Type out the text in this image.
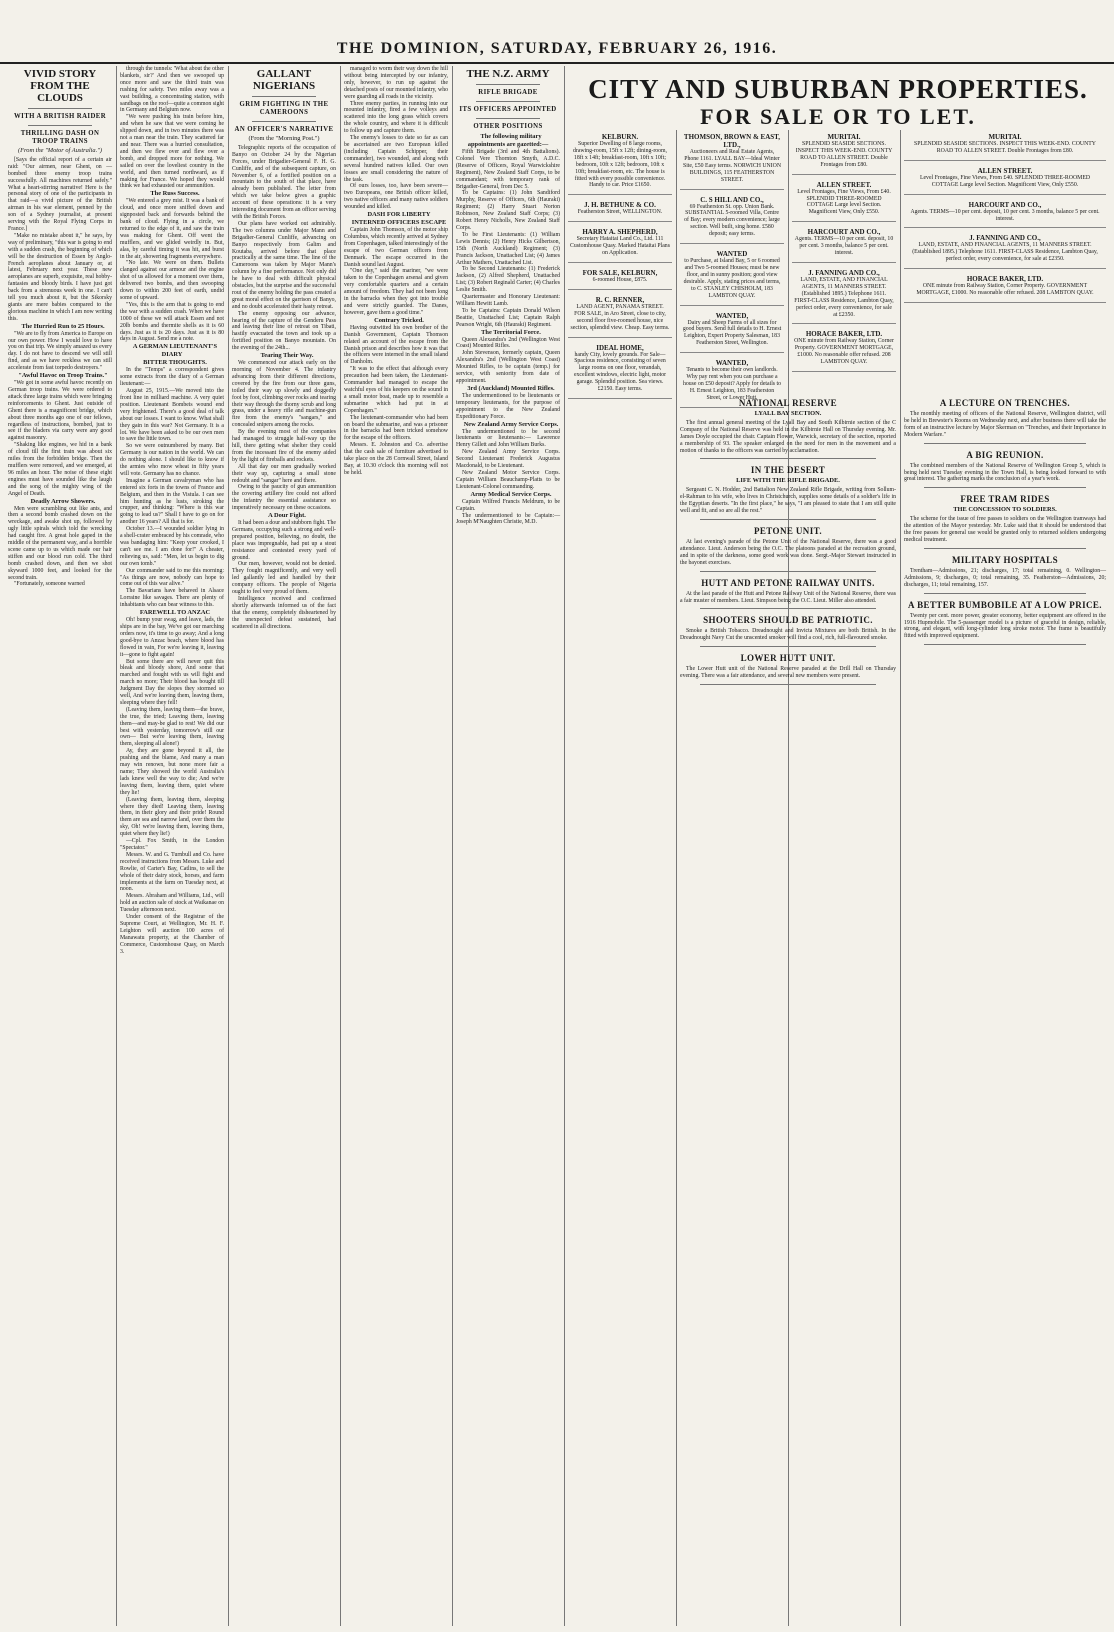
THE DOMINION, SATURDAY, FEBRUARY 26, 1916.
VIVID STORY FROM THE CLOUDS
WITH A BRITISH RAIDER
THRILLING DASH ON TROOP TRAINS
(From the "Motor of Australia.")

[Says the official report of a certain air raid: "Our airmen, near Ghent, on — bombed three enemy troop trains successfully. All machines returned safely." What a heart-stirring narrative! Here is the personal story of one of the participants in that raid—a vivid picture of the British airman in his war element, penned by the son of a Sydney journalist, at present serving with the Royal Flying Corps in France.]

"Make no mistake about it," he says, by way of preliminary, "this war is going to end with a sudden crash, the beginning of which will be the destruction of Essen by Anglo-French aeroplanes about January or, at latest, February next year. These new aeroplanes are superb, exquisite, real hobby-fantasies and bloody birds. I have just got back from a strenuous week in one. I can't tell you much about it, but the Sikorsky giants are mere babies compared to the glorious machine in which I am now writing this.

The Hurried Run to 25 Hours.

"We are to fly from America to Europe on our own power. How I would love to have you on that trip. We simply amazed us every day. I do not have to descend we will still find, and as we have reckless we can still accelerate from fast torpedo destroyers."

"Awful Havoc on Troop Trains."

"We got in some awful havoc recently on German troop trains. We were ordered to attack three large trains which were bringing reinforcements to Ghent. Just outside of Ghent there is a magnificent bridge, which about three months ago one of our fellows, regardless of instructions, bombed, just to see if the bladers via carry were any good against masonry.

"Shaking like engines, we hid in a bank of cloud till the first train was about six miles from the forbidden bridge. Then the mufflers were removed, and we emerged, at 96 miles an hour. The noise of these eight engines must have sounded like the laugh and the song of the mighty wing of the Angel of Death.

Deadly Arrow Showers.

Men were scrambling out like ants, and then a second bomb crashed down on the wreckage, and awake shot up, followed by ugly little spirals which told the wrecking had caught fire. A great hole gaped in the middle of the permanent way, and a horrible scene came up to us which made our hair stiffen and our blood run cold. The third bomb crashed down, and then we shot skyward 1000 feet, and looked for the second train.

"Fortunately, someone warned

through the tunnels: 'What about the other blankets, sir?' And then we swooped up once more and saw the third train was rushing for safety. Two miles away was a vast building, a concentrating station, with sandbags on the roof—quite a common sight in Germany and Belgium now.

"We were pushing his train before him, and when he saw that we were coming he slipped down, and in two minutes there was not a man near the train. They scattered far and near. There was a hurried consultation, and then we flew over and flew over a bomb, and dropped more for nothing. We sailed on over the loveliest country in the world, and then turned northward, as if making for France. We hoped they would think we had exhausted our ammunition.

The Russ Success.

"We entered a grey mist. It was a bank of cloud, and once more sniffed down and signposted back and forwards behind the bank of cloud. Flying in a circle, we returned to the edge of it, and saw the train was making for Ghent. Off went the mufflers, and we glided weirdly in. But, alas, by careful timing it was hit, and burst in the air, showering fragments everywhere.

"No late. We were on them. Bullets clanged against our armour and the engine shot of us allowed for a moment over them, delivered two bombs, and then swooping down to within 200 feet of earth, undid some of upward.

"Yes, this is the arm that is going to end the war with a sudden crash. When we have 1000 of these we will attack Essen and not 20lb bombs and thermite shells as it is 60 days. Just as it is 20 days. Just as it is 80 days in August. Send me a note.

A GERMAN LIEUTENANT'S DIARY

BITTER THOUGHTS.

In the "Temps" a correspondent gives some extracts from the diary of a German lieutenant:—

August 25, 1915.—We moved into the front line in milliard machine. A very quiet position. Lieutenant Bombeis wound end very frightened. There's a good deal of talk about our losses. I want to know. What shall they gain in this war? Not Germany. It is a lot. We have been asked to be our own men to save the little town.

So we were outnumbered by many. But Germany is our nation in the world. We can do nothing alone. I should like to know if the armies who mow wheat in fifty years will vote. Germany has no chance.

Imagine a German cavalryman who has entered six forts in the towns of France and Belgium, and then in the Vistula. I can see him hunting as he lusts, stroking the crupper, and thinking: "Where is this war going to lead us?" Shall I have to go on for another 16 years? All that is for.

October 13.—I wounded soldier lying in a shell-crater embraced by his comrade, who was bandaging him: "Keep your crooked, I can't see me. I am done for!" A cheater, relieving us, said: "Men, let us begin to dig our own tomb."

Our commander said to me this morning: "As things are now, nobody can hope to come out of this war alive."

The Bavarians have behaved in Alsace Lorraine like savages. There are plenty of inhabitants who can bear witness to this.

FAREWELL TO ANZAC

Oh! bump your swag, and leave, lads, the ships are in the bay, We've got our marching orders now, it's time to go away; And a long good-bye to Anzac beach, where blood has flowed in vain, For we're leaving it, leaving it—gone to fight again!

But some there are will never quit this bleak and bloody shore, And some that marched and fought with us will fight and march no more; Their blood has bought till Judgment Day the slopes they stormed so well, And we're leaving them, leaving them, sleeping where they fell!

(Leaving them, leaving them—the brave, the true, the tried; Leaving them, leaving them—and may-be glad to rest! We did our best with yesterday, tomorrow's still our own— But we're leaving them, leaving them, sleeping all alone!)

Ay, they are gone beyond it all, the pushing and the blame, And many a man may win renown, but none more fair a name; They showed the world Australia's lads knew well the way to die; And we're leaving them, leaving them, quiet where they lie!

(Leaving them, leaving them, sleeping where they died! Leaving them, leaving them, in their glory and their pride! Round them are sea and narrow land, over them the sky, Oh! we're leaving them, leaving them, quiet where they lie!)

—Cpl. Fox Smith, in the London "Spectator."

Messrs. W. and G. Turnbull and Co. have received instructions from Messrs. Luke and Rowlie, of Carter's Bay, Catlins, to sell the whole of their dairy stock, horses, and farm implements at the farm on Tuesday next, at noon.

Messrs. Abraham and Williams, Ltd., will hold an auction sale of stock at Waikanae on Tuesday afternoon next.

Under consent of the Registrar of the Supreme Court, at Wellington, Mr. H. F. Leighton will auction 100 acres of Manawatu property, at the Chamber of Commerce, Customhouse Quay, on March 3.

GALLANT NIGERIANS
GRIM FIGHTING IN THE CAMEROONS
AN OFFICER'S NARRATIVE
(From the "Morning Post.")

Telegraphic reports of the occupation of Banyo on October 24 by the Nigerian Forces, under Brigadier-General F. H. G. Cunliffe, and of the subsequent capture, on November 6, of a fortified position on a mountain to the south of that place, have already been published. The letter from which we take below gives a graphic account of these operations: it is a very interesting document from an officer serving with the British Forces.

Our plans have worked out admirably. The two columns under Major Mann and Brigadier-General Cunliffe, advancing on Banyo respectively from Galim and Koutaba, arrived before that place practically at the same time. The line of the Cameroons was taken by Major Mann's column by a fine performance. Not only did he have to deal with difficult physical obstacles, but the surprise and the successful rout of the enemy holding the pass created a great moral effect on the garrison of Banyo, and no doubt accelerated their hasty retreat.

The enemy opposing our advance, hearing of the capture of the Genderu Pass and leaving their line of retreat on Tibati, hastily evacuated the town and took up a fortified position on Banyo mountain. On the evening of the 24th...

Tearing Their Way.

We commenced our attack early on the morning of November 4. The infantry advancing from their different directions, covered by the fire from our three guns, toiled their way up slowly and doggedly foot by foot, climbing over rocks and tearing their way through the thorny scrub and long grass, under a heavy rifle and machine-gun fire from the enemy's "sangars," and concealed snipers among the rocks.

By the evening most of the companies had managed to struggle half-way up the hill, there getting what shelter they could from the incessant fire of the enemy aided by the light of fireballs and rockets.

All that day our men gradually worked their way up, capturing a small stone redoubt and "sangar" here and there.

Owing to the paucity of gun ammunition the covering artillery fire could not afford the infantry the essential assistance so imperatively necessary on these occasions.

A Dour Fight.

It had been a dour and stubborn fight. The Germans, occupying such a strong and well-prepared position, believing, no doubt, the place was impregnable, had put up a stout resistance and contested every yard of ground.

Our men, however, would not be denied. They fought magnificently, and very well led gallantly led and handled by their company officers. The people of Nigeria ought to feel very proud of them.

Intelligence received and confirmed shortly afterwards informed us of the fact that the enemy, completely disheartened by the unexpected defeat sustained, had scattered in all directions.

managed to worm their way down the hill without being intercepted by our infantry, only, however, to run up against the detached posts of our mounted infantry, who were guarding all roads in the vicinity.

Three enemy parties, in running into our mounted infantry, fired a few volleys and scattered into the long grass which covers the whole country, and where it is difficult to follow up and capture them.

The enemy's losses to date so far as can be ascertained are two European killed (including Captain Schipper, their commander), two wounded, and along with several hundred natives killed. Our own losses are small considering the nature of the task.

Of ours losses, too, have been severe—two Europeans, one British officer killed, two native officers and many native soldiers wounded and killed.

DASH FOR LIBERTY

INTERNED OFFICERS ESCAPE

Captain John Thomson, of the motor ship Columbus, which recently arrived at Sydney from Copenhagen, talked interestingly of the escape of two German officers from Denmark. The escape occurred in the Danish sound last August.

"One day," said the mariner, "we were taken to the Copenhagen arsenal and given very comfortable quarters and a certain amount of freedom. They had not been long in the barracks when they got into trouble and were strictly guarded. The Danes, however, gave them a good time."

Contrary Tricked.

Having outwitted his own brother of the Danish Government, Captain Thomson related an account of the escape from the Danish prison and describes how it was that the officers were interned in the small island of Danholm.

"It was to the effect that although every precaution had been taken, the Lieutenant-Commander had managed to escape the watchful eyes of his keepers on the sound in a small motor boat, made up to resemble a submarine which had put in at Copenhagen."

The lieutenant-commander who had been on board the submarine, and was a prisoner in the barracks had been tricked somehow for the escape of the officers.

Messrs. E. Johnston and Co. advertise that the cash sale of furniture advertised to take place on the 28 Cornwall Street, Island Bay, at 10.30 o'clock this morning will not be held.

THE N.Z. ARMY
RIFLE BRIGADE
ITS OFFICERS APPOINTED
OTHER POSITIONS

The following military appointments are gazetted:—

Fifth Brigade (3rd and 4th Battalions). Colonel Vere Thornton Smyth, A.D.C. (Reserve of Officers, Royal Warwickshire Regiment), New Zealand Staff Corps, to be commandant; with temporary rank of Brigadier-General, from Dec 5.

To be Captains: (1) John Sandiford Murphy, Reserve of Officers, 6th (Hauraki) Regiment; (2) Harry Stuart Norton Robinson, New Zealand Staff Corps; (3) Robert Henry Nicholls, New Zealand Staff Corps.

To be First Lieutenants: (1) William Lewis Dennis; (2) Henry Hicks Gilbertson, 15th (North Auckland) Regiment; (3) Francis Jackson, Unattached List; (4) James Arthur Mathers, Unattached List.

To be Second Lieutenants: (1) Frederick Jackson, (2) Alfred Shepherd, Unattached List; (3) Robert Reginald Carter; (4) Charles Leslie Smith.

Quartermaster and Honorary Lieutenant: William Hewitt Lamb.

To be Captains: Captain Donald Wilson Beattie, Unattached List; Captain Ralph Pearson Wright, 6th (Hauraki) Regiment.

The Territorial Force.

Queen Alexandra's 2nd (Wellington West Coast) Mounted Rifles.

John Stevenson, formerly captain, Queen Alexandra's 2nd (Wellington West Coast) Mounted Rifles, to be captain (temp.) for service, with seniority from date of appointment.

3rd (Auckland) Mounted Rifles.

The undermentioned to be lieutenants or temporary lieutenants, for the purpose of appointment to the New Zealand Expeditionary Force.

New Zealand Army Service Corps.

The undermentioned to be second lieutenants or lieutenants:— Lawrence Henry Gillett and John William Burks.

New Zealand Army Service Corps. Second Lieutenant Frederick Augustus Macdonald, to be Lieutenant.

New Zealand Motor Service Corps. Captain William Beauchamp-Platts to be Lieutenant-Colonel commanding.

Army Medical Service Corps.

Captain Wilfred Francis Meldrum, to be Captain.

The undermentioned to be Captain:— Joseph M'Naughten Christie, M.D.

CITY AND SUBURBAN PROPERTIES.
FOR SALE OR TO LET.
KELBURN.
Superior Dwelling of 8 large rooms, drawing-room, 15ft x 12ft; dining-room, 18ft x 14ft; breakfast-room, 10ft x 10ft; bedroom, 10ft x 12ft; bedroom, 10ft x 10ft; breakfast-room, etc. The house is fitted with every possible convenience. Handy to car. Price £1650.
J. H. BETHUNE & CO.
Featherston Street, WELLINGTON.
HARRY A. SHEPHERD,
Secretary Hataitai Land Co., Ltd. 111 Customhouse Quay. Marked Hataitai Plans on Application.
FOR SALE, KELBURN,
6-roomed House, £875.
R. C. RENNER,
LAND AGENT, PANAMA STREET. FOR SALE, in Aro Street, close to city, second floor five-roomed house, nice section, splendid view. Cheap. Easy terms.
IDEAL HOME,
handy City, lovely grounds. For Sale—Spacious residence, consisting of seven large rooms on one floor, verandah, excellent windows, electric light, motor garage. Splendid position. Sea views. £2150. Easy terms.
THOMSON, BROWN & EAST, LTD.,
Auctioneers and Real Estate Agents, Phone 1161. LYALL BAY—Ideal Winter Site, £50 Easy terms. NORWICH UNION BUILDINGS, 115 FEATHERSTON STREET.
C. S HILL AND CO.,
69 Featherston St. opp. Union Bank. SUBSTANTIAL 5-roomed Villa, Centre of Bay; every modern convenience; large section. Well built, sing home. £580 deposit; easy terms.
WANTED
to Purchase, at Island Bay, 5 or 6 roomed and Two 5-roomed Houses; must be new floor, and in sunny position; good view desirable. Apply, stating prices and terms, to C. STANLEY CHISHOLM, 183 LAMBTON QUAY.
WANTED,
Dairy and Sheep Farms of all sizes for good buyers. Send full details to H. Ernest Leighton, Expert Property Salesman, 183 Featherston Street, Wellington.
WANTED,
Tenants to become their own landlords. Why pay rent when you can purchase a house on £50 deposit? Apply for details to H. Ernest Leighton, 183 Featherston Street, or Lower Hutt.
MURITAI.
SPLENDID SEASIDE SECTIONS. INSPECT THIS WEEK-END. COUNTY ROAD TO ALLEN STREET. Double Frontages from £80.
ALLEN STREET.
Level Frontages, Fine Views, From £40. SPLENDID THREE-ROOMED COTTAGE Large level Section. Magnificent View, Only £550.
HARCOURT AND CO.,
Agents. TERMS—10 per cent. deposit, 10 per cent. 3 months, balance 5 per cent. interest.
J. FANNING AND CO.,
LAND, ESTATE, AND FINANCIAL AGENTS, 11 MANNERS STREET. (Established 1895.) Telephone 1611. FIRST-CLASS Residence, Lambton Quay, perfect order, every convenience, for sale at £2350.
HORACE BAKER, LTD.
ONE minute from Railway Station, Corner Property. GOVERNMENT MORTGAGE, £1000. No reasonable offer refused. 208 LAMBTON QUAY.
MURITAI.
SPLENDID SEASIDE SECTIONS. INSPECT THIS WEEK-END. COUNTY ROAD TO ALLEN STREET. Double Frontages from £80.
ALLEN STREET.
Level Frontages, Fine Views, From £40. SPLENDID THREE-ROOMED COTTAGE Large level Section. Magnificent View, Only £550.
HARCOURT AND CO.,
Agents. TERMS—10 per cent. deposit, 10 per cent. 3 months, balance 5 per cent. interest.
J. FANNING AND CO.,
LAND, ESTATE, AND FINANCIAL AGENTS, 11 MANNERS STREET. (Established 1895.) Telephone 1611. FIRST-CLASS Residence, Lambton Quay, perfect order, every convenience, for sale at £2350.
HORACE BAKER, LTD.
ONE minute from Railway Station, Corner Property. GOVERNMENT MORTGAGE, £1000. No reasonable offer refused. 208 LAMBTON QUAY.
NATIONAL RESERVE
LYALL BAY SECTION.

The first annual general meeting of the Lyall Bay and South Kilbirnie section of the C Company of the National Reserve was held in the Kilbirnie Hall on Thursday evening. Mr. James Doyle occupied the chair. Captain Flower, Warwick, secretary of the section, reported a membership of 93. The speaker enlarged on the need for men in the movement and a motion of thanks to the officers was carried by acclamation.

IN THE DESERT
LIFE WITH THE RIFLE BRIGADE.

Sergeant C. N. Hodder, 2nd Battalion New Zealand Rifle Brigade, writing from Sollum-el-Rahman to his wife, who lives in Christchurch, supplies some details of a soldier's life in the Egyptian deserts. "In the first place," he says, "I am pleased to state that I am still quite well and fit, and so are all the rest."

PETONE UNIT.

At last evening's parade of the Petone Unit of the National Reserve, there was a good attendance. Lieut. Anderson being the O.C. The platoons paraded at the recreation ground, and in spite of the darkness, some good work was done. Sergt.-Major Stewart instructed in the bayonet exercises.

HUTT AND PETONE RAILWAY UNITS.

At the last parade of the Hutt and Petone Railway Unit of the National Reserve, there was a fair muster of members. Lieut. Simpson being the O.C. Lieut. Miller also attended.

SHOOTERS SHOULD BE PATRIOTIC.

Smoke a British Tobacco. Dreadnought and Invicta Mixtures are both British. In the Dreadnought Navy Cut the unscented smoker will find a cool, rich, full-flavoured smoke.

LOWER HUTT UNIT.

The Lower Hutt unit of the National Reserve paraded at the Drill Hall on Thursday evening. There was a fair attendance, and several new members were present.

A LECTURE ON TRENCHES.

The monthly meeting of officers of the National Reserve, Wellington district, will be held in Brewster's Rooms on Wednesday next, and after business there will take the form of an instructive lecture by Major Skerman on "Trenches, and their Importance in Modern Warfare."

A BIG REUNION.

The combined members of the National Reserve of Wellington Group 5, which is being held next Tuesday evening in the Town Hall, is being looked forward to with great interest. The gathering marks the conclusion of a year's work.

FREE TRAM RIDES
THE CONCESSION TO SOLDIERS.

The scheme for the issue of free passes to soldiers on the Wellington tramways had the attention of the Mayor yesterday. Mr. Luke said that it should be understood that the free passes for general use would be granted only to returned soldiers undergoing medical treatment.

MILITARY HOSPITALS

Trentham—Admissions, 21; discharges, 17; total remaining, 0. Wellington—Admissions, 9; discharges, 0; total remaining, 35. Featherston—Admissions, 20; discharges, 11; total remaining, 157.

A BETTER BUMBOBILE AT A LOW PRICE.

Twenty per cent. more power, greater economy, better equipment are offered in the 1916 Hupmobile. The 5-passenger model is a picture of graceful in design, reliable, strong, and elegant, with long-cylinder long stroke motor. The frame is beautifully fitted with improved equipment.
